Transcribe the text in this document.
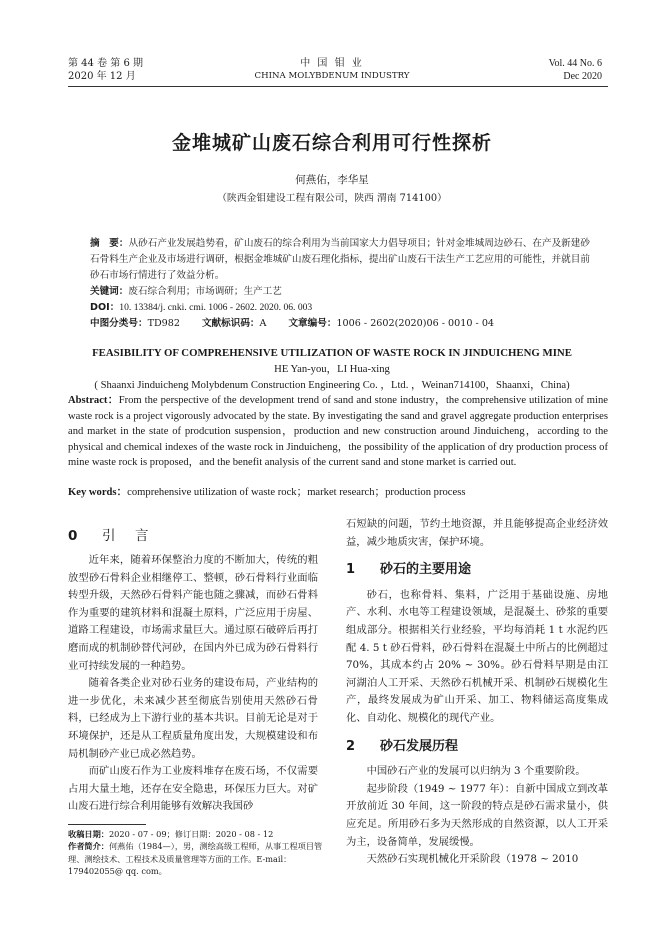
第 44 卷 第 6 期
2020 年 12 月
中 国 钼 业
CHINA MOLYBDENUM INDUSTRY
Vol. 44 No. 6
Dec 2020
金堆城矿山废石综合利用可行性探析
何燕佑，李华星
（陕西金钼建设工程有限公司，陕西 渭南 714100）
摘　要：从砂石产业发展趋势看，矿山废石的综合利用为当前国家大力倡导项目；针对金堆城周边砂石、在产及新建砂石骨料生产企业及市场进行调研，根据金堆城矿山废石理化指标，提出矿山废石干法生产工艺应用的可能性，并就目前砂石市场行情进行了效益分析。
关键词：废石综合利用；市场调研；生产工艺
DOI：10. 13384/j. cnki. cmi. 1006 - 2602. 2020. 06. 003
中图分类号：TD982 文献标识码：A 文章编号：1006 - 2602(2020)06 - 0010 - 04
FEASIBILITY OF COMPREHENSIVE UTILIZATION OF WASTE ROCK IN JINDUICHENG MINE
HE Yan-you，LI Hua-xing
( Shaanxi Jinduicheng Molybdenum Construction Engineering Co. ，Ltd. ，Weinan714100，Shaanxi，China)
Abstract：From the perspective of the development trend of sand and stone industry，the comprehensive utilization of mine waste rock is a project vigorously advocated by the state. By investigating the sand and gravel aggregate production enterprises and market in the state of prodcution suspension，production and new construction around Jinduicheng，according to the physical and chemical indexes of the waste rock in Jinduicheng，the possibility of the application of dry production process of mine waste rock is proposed，and the benefit analysis of the current sand and stone market is carried out.
Key words：comprehensive utilization of waste rock；market research；production process
0 引　言

近年来，随着环保整治力度的不断加大，传统的粗放型砂石骨料企业相继停工、整顿，砂石骨料行业面临转型升级，天然砂石骨料产能也随之骤减，而砂石骨料作为重要的建筑材料和混凝土原料，广泛应用于房屋、道路工程建设，市场需求量巨大。通过原石破碎后再打磨而成的机制砂替代河砂，在国内外已成为砂石骨料行业可持续发展的一种趋势。

随着各类企业对砂石业务的建设布局，产业结构的进一步优化，未来减少甚至彻底告别使用天然砂石骨料，已经成为上下游行业的基本共识。目前无论是对于环境保护，还是从工程质量角度出发，大规模建设和布局机制砂产业已成必然趋势。

而矿山废石作为工业废料堆存在废石场，不仅需要占用大量土地，还存在安全隐患，环保压力巨大。对矿山废石进行综合利用能够有效解决我国砂

收稿日期：2020 - 07 - 09；修订日期：2020 - 08 - 12
作者简介：何燕佑（1984—），男，测绘高级工程师，从事工程项目管理、测绘技术、工程技术及质量管理等方面的工作。E-mail：179402055@ qq. com。

石短缺的问题，节约土地资源，并且能够提高企业经济效益，减少地质灾害，保护环境。

1 砂石的主要用途

砂石，也称骨料、集料，广泛用于基础设施、房地产、水利、水电等工程建设领域，是混凝土、砂浆的重要组成部分。根据相关行业经验，平均每消耗 1 t 水泥约匹配 4. 5 t 砂石骨料，砂石骨料在混凝土中所占的比例超过 70%，其成本约占 20% ~ 30%。砂石骨料早期是由江河湖泊人工开采、天然砂石机械开采、机制砂石规模化生产，最终发展成为矿山开采、加工、物料储运高度集成化、自动化、规模化的现代产业。

2 砂石发展历程

中国砂石产业的发展可以归纳为 3 个重要阶段。

起步阶段（1949 ~ 1977 年）：自新中国成立到改革开放前近 30 年间，这一阶段的特点是砂石需求量小，供应充足。所用砂石多为天然形成的自然资源，以人工开采为主，设备简单，发展缓慢。

天然砂石实现机械化开采阶段（1978 ~ 2010
